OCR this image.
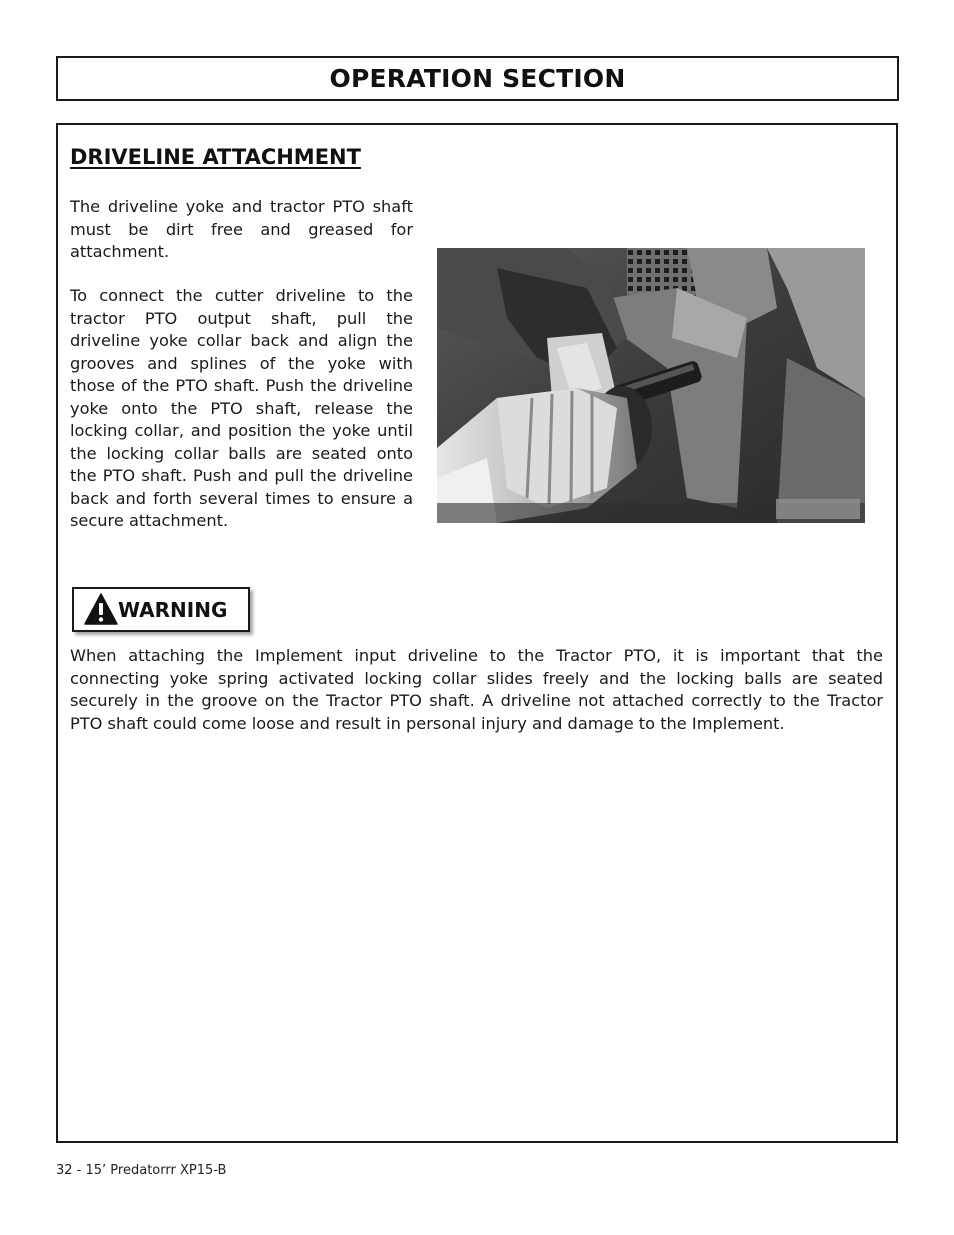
OPERATION SECTION
DRIVELINE ATTACHMENT
The driveline yoke and tractor PTO shaft must be dirt free and greased for attachment.
To connect the cutter driveline to the tractor PTO output shaft, pull the driveline yoke collar back and align the grooves and splines of the yoke with those of the PTO shaft. Push the driveline yoke onto the PTO shaft, release the locking collar, and position the yoke until the locking collar balls are seated onto the PTO shaft. Push and pull the driveline back and forth several times to ensure a secure attachment.
WARNING
When attaching the Implement input driveline to the Tractor PTO, it is important that the connecting yoke spring activated locking collar slides freely and the locking balls are seated securely in the groove on the Tractor PTO shaft. A driveline not attached correctly to the Tractor PTO shaft could come loose and result in personal injury and damage to the Implement.
32 - 15’ Predatorrr XP15-B
